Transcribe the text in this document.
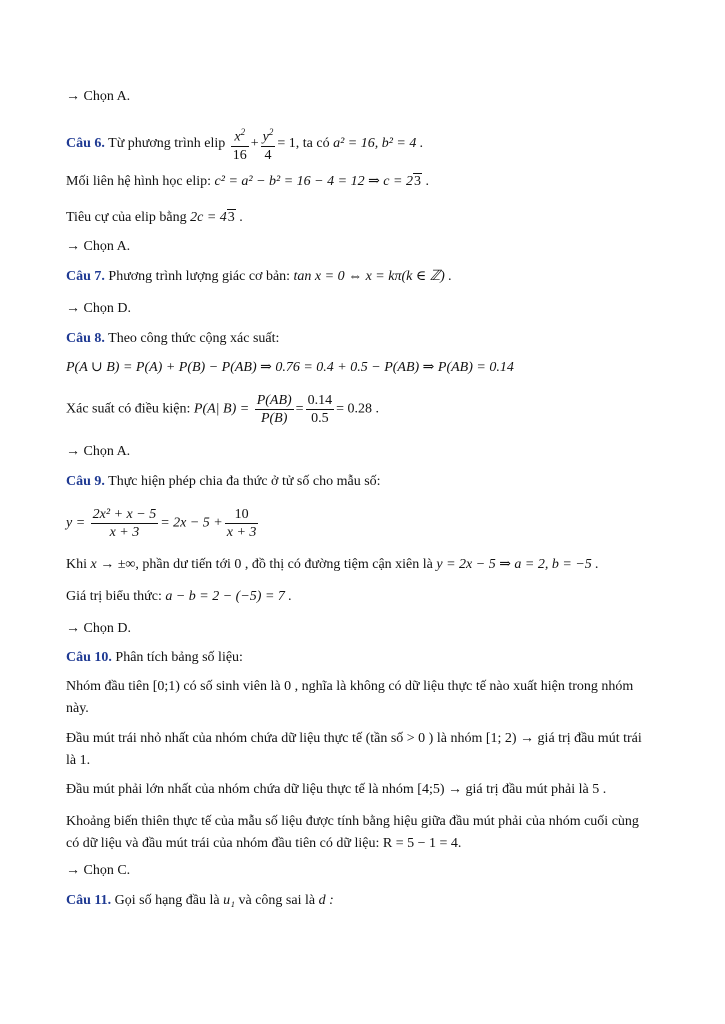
→ Chọn A.
Câu 6. Từ phương trình elip $\frac{x^2}{16} + \frac{y^2}{4} = 1$, ta có a² = 16, b² = 4 .
Mối liên hệ hình học elip: c² = a² − b² = 16 − 4 = 12 ⇒ c = 23 .
Tiêu cự của elip bằng 2c = 43 .
→ Chọn A.
Câu 7. Phương trình lượng giác cơ bản: tan x = 0 ⇔ x = kπ(k ∈ ℤ) .
→ Chọn D.
Câu 8. Theo công thức cộng xác suất:
P(A ∪ B) = P(A) + P(B) − P(AB) ⇒ 0.76 = 0.4 + 0.5 − P(AB) ⇒ P(AB) = 0.14
Xác suất có điều kiện: P(A| $B) = \frac{P(AB)}{P(B)} = \frac{0.14}{0.5} = 0.28$ .
→ Chọn A.
Câu 9. Thực hiện phép chia đa thức ở tử số cho mẫu số:
$y = \frac{\text{2x² + x − 5}}{x + 3} = 2x - 5 + \frac{10}{x + 3}$
Khi x → ±∞, phần dư tiến tới 0 , đồ thị có đường tiệm cận xiên là y = 2x − 5 ⇒ a = 2, b = −5 .
Giá trị biểu thức: a − b = 2 − (−5) = 7 .
→ Chọn D.
Câu 10. Phân tích bảng số liệu:
Nhóm đầu tiên [0;1) có số sinh viên là 0 , nghĩa là không có dữ liệu thực tế nào xuất hiện trong nhóm này.
Đầu mút trái nhỏ nhất của nhóm chứa dữ liệu thực tế (tần số > 0 ) là nhóm [1; 2) → giá trị đầu mút trái là 1.
Đầu mút phải lớn nhất của nhóm chứa dữ liệu thực tế là nhóm [4;5) → giá trị đầu mút phải là 5 .
Khoảng biến thiên thực tế của mẫu số liệu được tính bằng hiệu giữa đầu mút phải của nhóm cuối cùng có dữ liệu và đầu mút trái của nhóm đầu tiên có dữ liệu: R = 5 − 1 = 4.
→ Chọn C.
Câu 11. Gọi số hạng đầu là u₁ và công sai là d :
